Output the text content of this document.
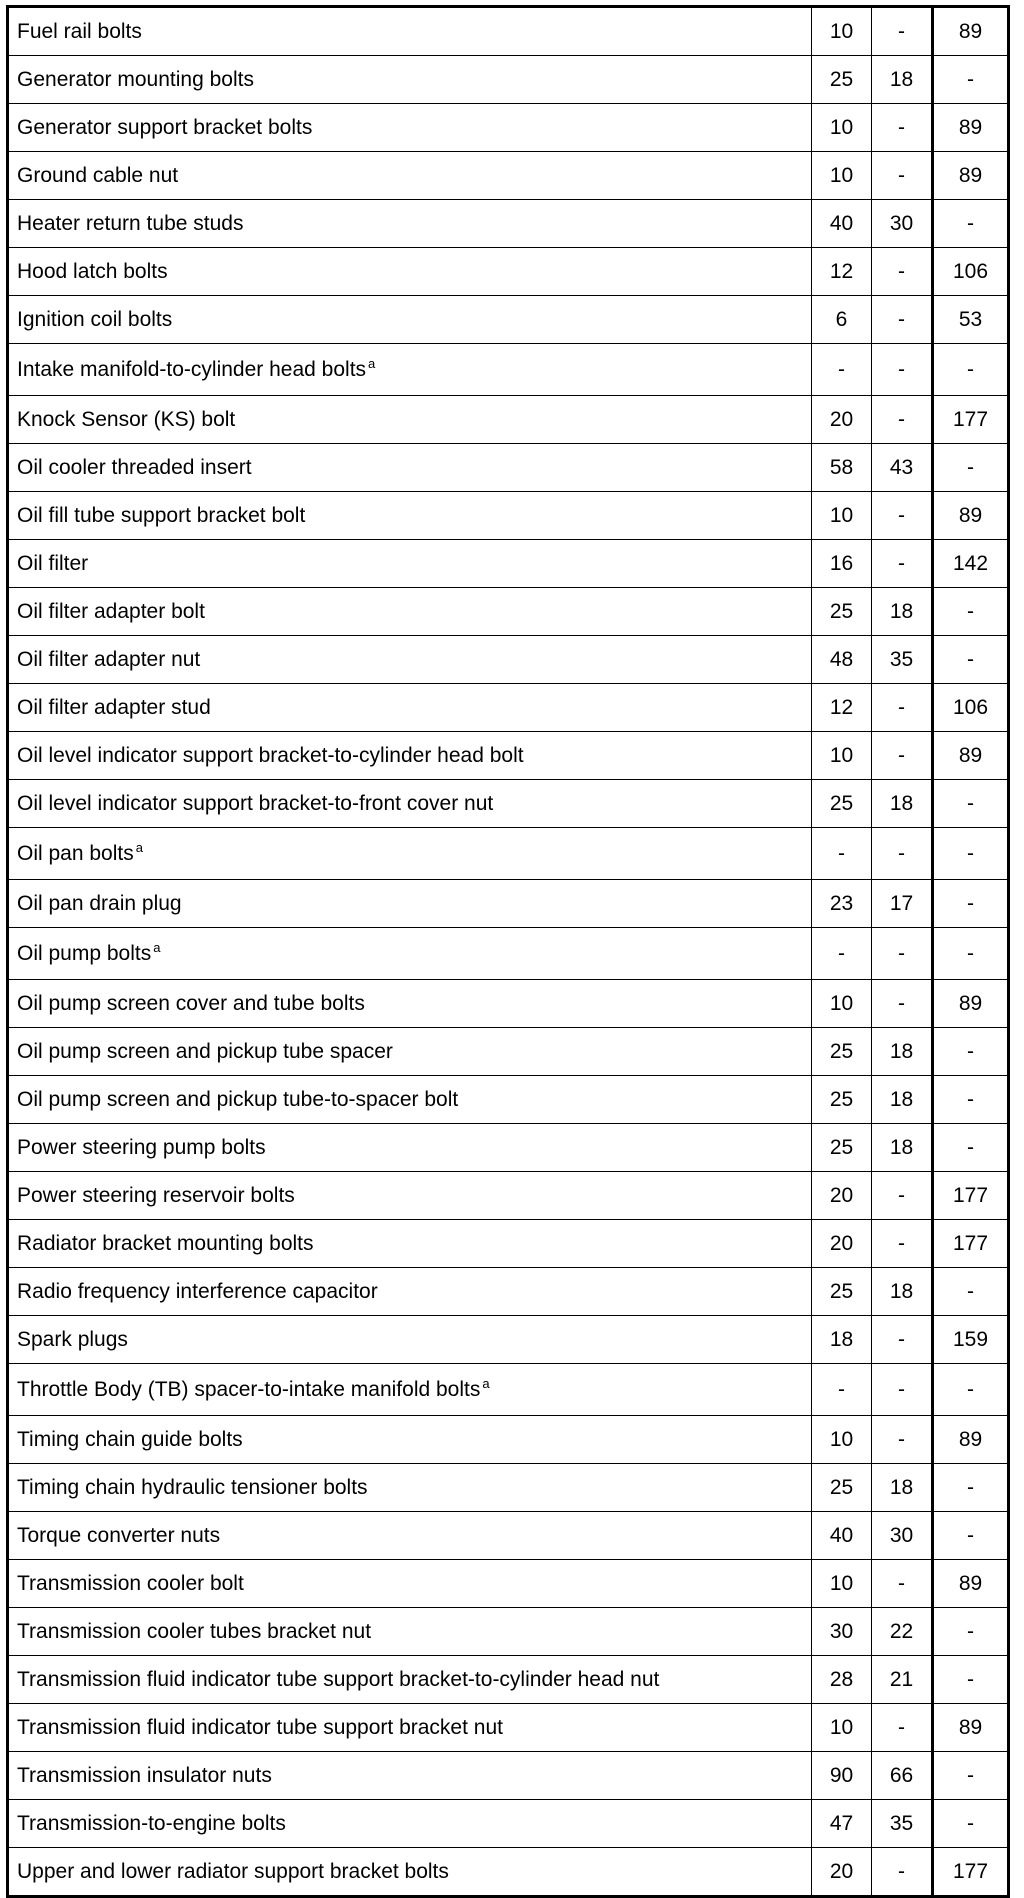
Fuel rail bolts	10	-	89
Generator mounting bolts	25	18	-
Generator support bracket bolts	10	-	89
Ground cable nut	10	-	89
Heater return tube studs	40	30	-
Hood latch bolts	12	-	106
Ignition coil bolts	6	-	53
Intake manifold-to-cylinder head bolts $^a$	-	-	-
Knock Sensor (KS) bolt	20	-	177
Oil cooler threaded insert	58	43	-
Oil fill tube support bracket bolt	10	-	89
Oil filter	16	-	142
Oil filter adapter bolt	25	18	-
Oil filter adapter nut	48	35	-
Oil filter adapter stud	12	-	106
Oil level indicator support bracket-to-cylinder head bolt	10	-	89
Oil level indicator support bracket-to-front cover nut	25	18	-
Oil pan bolts $^a$	-	-	-
Oil pan drain plug	23	17	-
Oil pump bolts $^a$	-	-	-
Oil pump screen cover and tube bolts	10	-	89
Oil pump screen and pickup tube spacer	25	18	-
Oil pump screen and pickup tube-to-spacer bolt	25	18	-
Power steering pump bolts	25	18	-
Power steering reservoir bolts	20	-	177
Radiator bracket mounting bolts	20	-	177
Radio frequency interference capacitor	25	18	-
Spark plugs	18	-	159
Throttle Body (TB) spacer-to-intake manifold bolts $^a$	-	-	-
Timing chain guide bolts	10	-	89
Timing chain hydraulic tensioner bolts	25	18	-
Torque converter nuts	40	30	-
Transmission cooler bolt	10	-	89
Transmission cooler tubes bracket nut	30	22	-
Transmission fluid indicator tube support bracket-to-cylinder head nut	28	21	-
Transmission fluid indicator tube support bracket nut	10	-	89
Transmission insulator nuts	90	66	-
Transmission-to-engine bolts	47	35	-
Upper and lower radiator support bracket bolts	20	-	177
